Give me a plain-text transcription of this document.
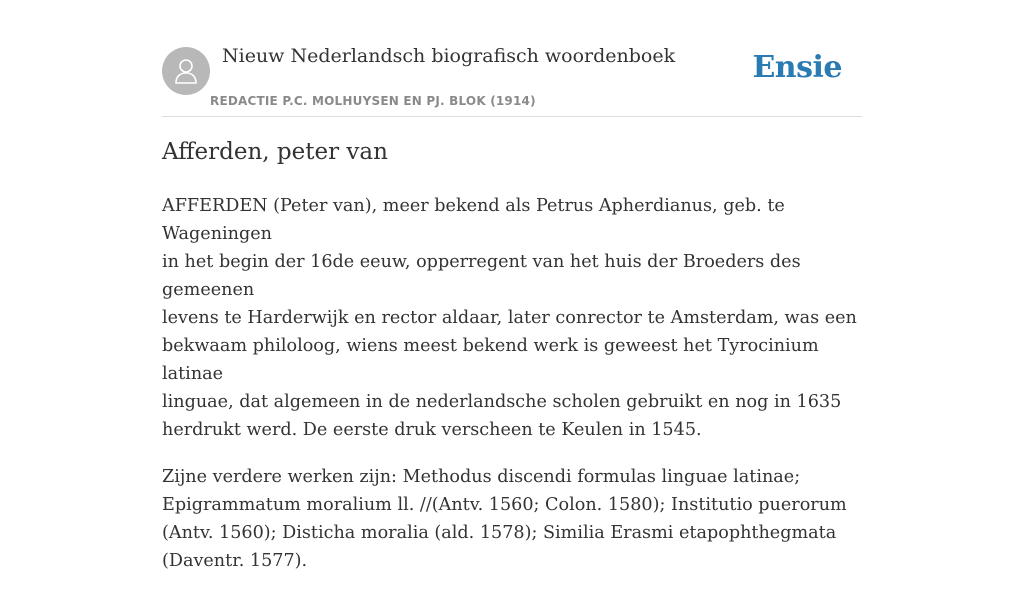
Nieuw Nederlandsch biografisch woordenboek
REDACTIE P.C. MOLHUYSEN EN PJ. BLOK (1914)
Ensie
Afferden, peter van

AFFERDEN (Peter van), meer bekend als Petrus Apherdianus, geb. te Wageningen
in het begin der 16de eeuw, opperregent van het huis der Broeders des gemeenen
levens te Harderwijk en rector aldaar, later conrector te Amsterdam, was een
bekwaam philoloog, wiens meest bekend werk is geweest het Tyrocinium latinae
linguae, dat algemeen in de nederlandsche scholen gebruikt en nog in 1635
herdrukt werd. De eerste druk verscheen te Keulen in 1545.

Zijne verdere werken zijn: Methodus discendi formulas linguae latinae;
Epigrammatum moralium ll. //(Antv. 1560; Colon. 1580); Institutio puerorum
(Antv. 1560); Disticha moralia (ald. 1578); Similia Erasmi etapophthegmata
(Daventr. 1577).
